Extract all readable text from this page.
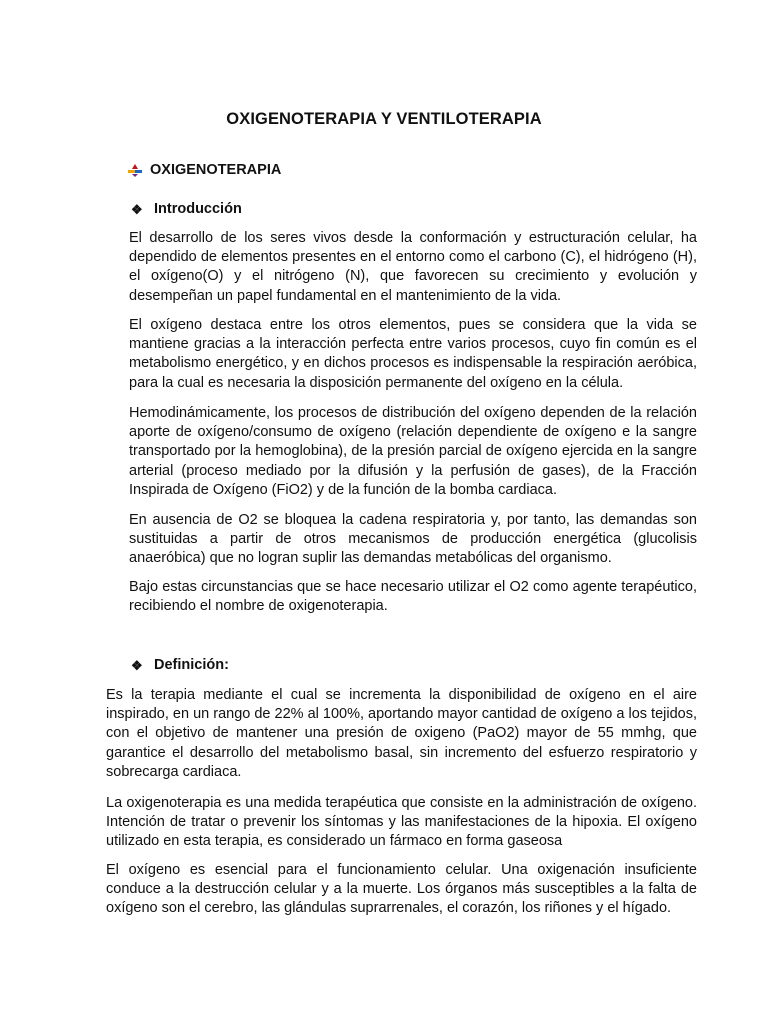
OXIGENOTERAPIA Y VENTILOTERAPIA
OXIGENOTERAPIA
❖ Introducción

El desarrollo de los seres vivos desde la conformación y estructuración celular, ha dependido de elementos presentes en el entorno como el carbono (C), el hidrógeno (H), el oxígeno(O) y el nitrógeno (N), que favorecen su crecimiento y evolución y desempeñan un papel fundamental en el mantenimiento de la vida.

El oxígeno destaca entre los otros elementos, pues se considera que la vida se mantiene gracias a la interacción perfecta entre varios procesos, cuyo fin común es el metabolismo energético, y en dichos procesos es indispensable la respiración aeróbica, para la cual es necesaria la disposición permanente del oxígeno en la célula.

Hemodinámicamente, los procesos de distribución del oxígeno dependen de la relación aporte de oxígeno/consumo de oxígeno (relación dependiente de oxígeno e la sangre transportado por la hemoglobina), de la presión parcial de oxígeno ejercida en la sangre arterial (proceso mediado por la difusión y la perfusión de gases), de la Fracción Inspirada de Oxígeno (FiO2) y de la función de la bomba cardiaca.

En ausencia de O2 se bloquea la cadena respiratoria y, por tanto, las demandas son sustituidas a partir de otros mecanismos de producción energética (glucolisis anaeróbica) que no logran suplir las demandas metabólicas del organismo.

Bajo estas circunstancias que se hace necesario utilizar el O2 como agente terapéutico, recibiendo el nombre de oxigenoterapia.

❖ Definición:

Es la terapia mediante el cual se incrementa la disponibilidad de oxígeno en el aire inspirado, en un rango de 22% al 100%, aportando mayor cantidad de oxígeno a los tejidos, con el objetivo de mantener una presión de oxigeno (PaO2) mayor de 55 mmhg, que garantice el desarrollo del metabolismo basal, sin incremento del esfuerzo respiratorio y sobrecarga cardiaca.

La oxigenoterapia es una medida terapéutica que consiste en la administración de oxígeno. Intención de tratar o prevenir los síntomas y las manifestaciones de la hipoxia. El oxígeno utilizado en esta terapia, es considerado un fármaco en forma gaseosa

El oxígeno es esencial para el funcionamiento celular. Una oxigenación insuficiente conduce a la destrucción celular y a la muerte. Los órganos más susceptibles a la falta de oxígeno son el cerebro, las glándulas suprarrenales, el corazón, los riñones y el hígado.
